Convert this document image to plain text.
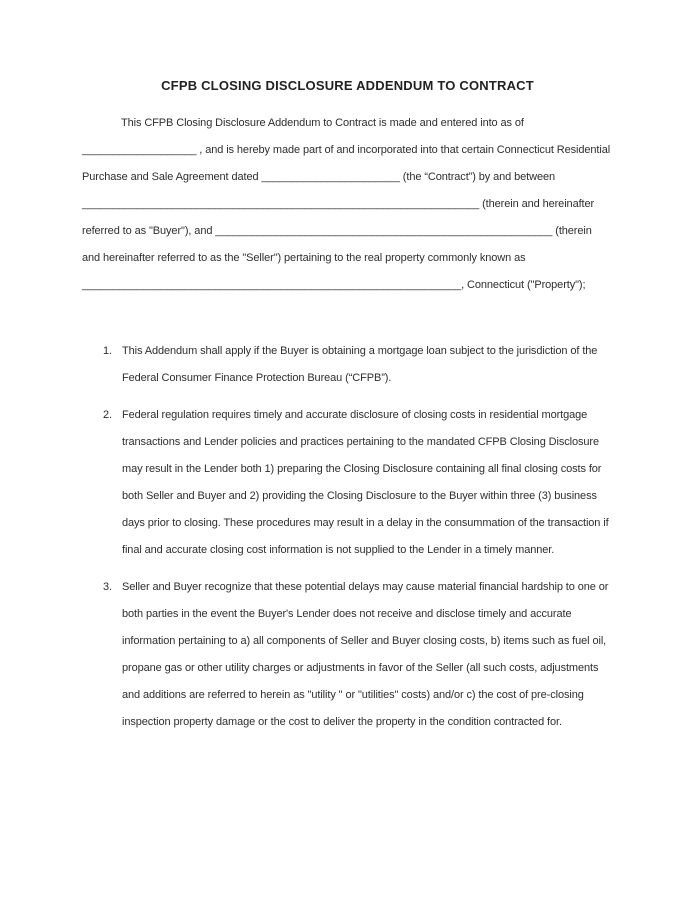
CFPB CLOSING DISCLOSURE ADDENDUM TO CONTRACT
This CFPB Closing Disclosure Addendum to Contract is made and entered into as of
___________________ , and is hereby made part of and incorporated into that certain Connecticut Residential
Purchase and Sale Agreement dated _______________________ (the “Contract”) by and between
__________________________________________________________________ (therein and hereinafter
referred to as "Buyer"), and ________________________________________________________ (therein
and hereinafter referred to as the "Seller") pertaining to the real property commonly known as
_______________________________________________________________, Connecticut ("Property");
1. This Addendum shall apply if the Buyer is obtaining a mortgage loan subject to the jurisdiction of the Federal Consumer Finance Protection Bureau (“CFPB”).
2. Federal regulation requires timely and accurate disclosure of closing costs in residential mortgage transactions and Lender policies and practices pertaining to the mandated CFPB Closing Disclosure may result in the Lender both 1) preparing the Closing Disclosure containing all final closing costs for both Seller and Buyer and 2) providing the Closing Disclosure to the Buyer within three (3) business days prior to closing. These procedures may result in a delay in the consummation of the transaction if final and accurate closing cost information is not supplied to the Lender in a timely manner.
3. Seller and Buyer recognize that these potential delays may cause material financial hardship to one or both parties in the event the Buyer's Lender does not receive and disclose timely and accurate information pertaining to a) all components of Seller and Buyer closing costs, b) items such as fuel oil, propane gas or other utility charges or adjustments in favor of the Seller (all such costs, adjustments and additions are referred to herein as "utility " or "utilities" costs) and/or c) the cost of pre-closing inspection property damage or the cost to deliver the property in the condition contracted for.
